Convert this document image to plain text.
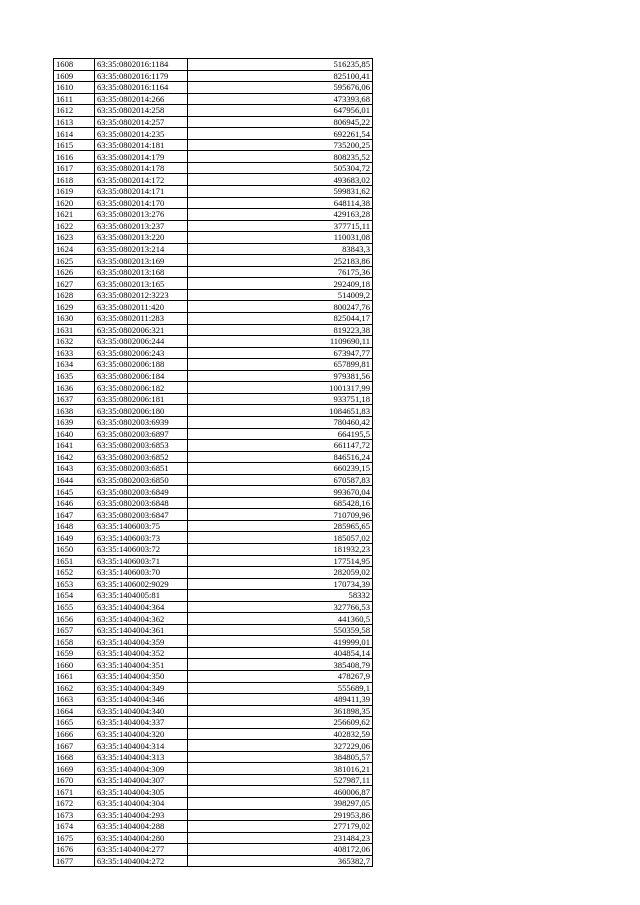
1608	63:35:0802016:1184	516235,85
1609	63:35:0802016:1179	825100,41
1610	63:35:0802016:1164	595676,06
1611	63:35:0802014:266	473393,68
1612	63:35:0802014:258	647956,01
1613	63:35:0802014:257	806945,22
1614	63:35:0802014:235	692261,54
1615	63:35:0802014:181	735200,25
1616	63:35:0802014:179	808235,52
1617	63:35:0802014:178	505304,72
1618	63:35:0802014:172	493683,02
1619	63:35:0802014:171	599831,62
1620	63:35:0802014:170	648114,38
1621	63:35:0802013:276	429163,28
1622	63:35:0802013:237	377715,11
1623	63:35:0802013:220	110031,08
1624	63:35:0802013:214	83843,3
1625	63:35:0802013:169	252183,86
1626	63:35:0802013:168	76175,36
1627	63:35:0802013:165	292409,18
1628	63:35:0802012:3223	514009,2
1629	63:35:0802011:420	800247,76
1630	63:35:0802011:283	825044,17
1631	63:35:0802006:321	819223,38
1632	63:35:0802006:244	1109690,11
1633	63:35:0802006:243	673947,77
1634	63:35:0802006:188	657899,81
1635	63:35:0802006:184	979381,56
1636	63:35:0802006:182	1001317,99
1637	63:35:0802006:181	933751,18
1638	63:35:0802006:180	1084651,83
1639	63:35:0802003:6939	780460,42
1640	63:35:0802003:6897	664195,5
1641	63:35:0802003:6853	661147,72
1642	63:35:0802003:6852	846516,24
1643	63:35:0802003:6851	660239,15
1644	63:35:0802003:6850	670587,83
1645	63:35:0802003:6849	993670,04
1646	63:35:0802003:6848	685428,16
1647	63:35:0802003:6847	710709,96
1648	63:35:1406003:75	285965,65
1649	63:35:1406003:73	185057,02
1650	63:35:1406003:72	181932,23
1651	63:35:1406003:71	177514,95
1652	63:35:1406003:70	282059,02
1653	63:35:1406002:9029	170734,39
1654	63:35:1404005:81	58332
1655	63:35:1404004:364	327766,53
1656	63:35:1404004:362	441360,5
1657	63:35:1404004:361	550359,58
1658	63:35:1404004:359	419999,01
1659	63:35:1404004:352	404854,14
1660	63:35:1404004:351	385408,79
1661	63:35:1404004:350	478267,9
1662	63:35:1404004:349	555689,1
1663	63:35:1404004:346	489411,39
1664	63:35:1404004:340	361898,35
1665	63:35:1404004:337	256609,62
1666	63:35:1404004:320	402832,59
1667	63:35:1404004:314	327229,06
1668	63:35:1404004:313	384805,57
1669	63:35:1404004:309	381016,21
1670	63:35:1404004:307	527987,11
1671	63:35:1404004:305	460006,87
1672	63:35:1404004:304	398297,05
1673	63:35:1404004:293	291953,86
1674	63:35:1404004:288	277179,02
1675	63:35:1404004:280	231484,23
1676	63:35:1404004:277	408172,06
1677	63:35:1404004:272	365382,7
